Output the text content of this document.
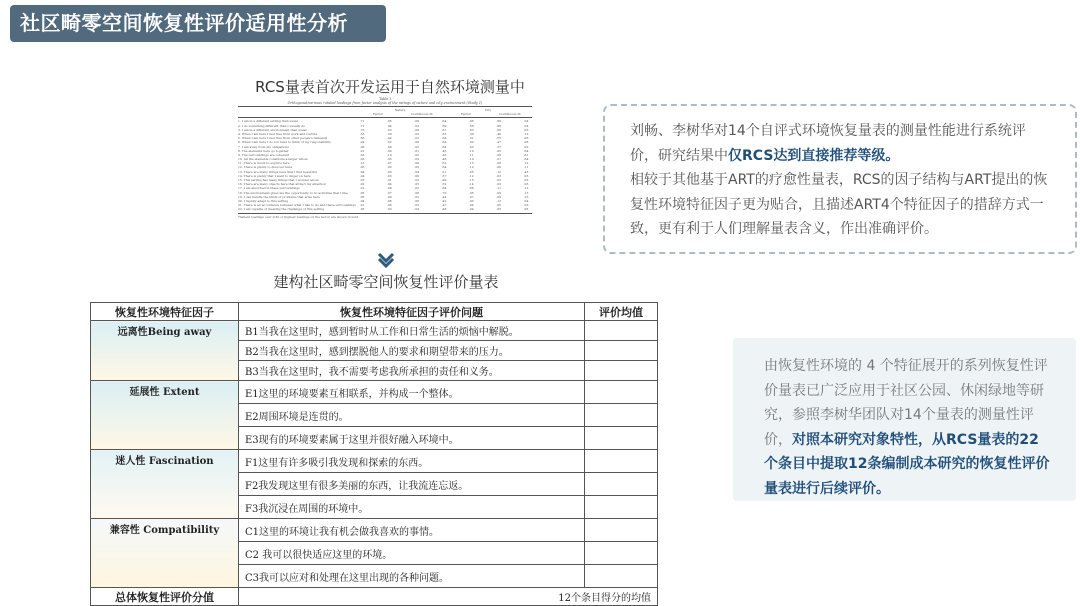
社区畸零空间恢复性评价适用性分析
RCS量表首次开发运用于自然环境测量中
Table I
Orthogonal/varimax rotated loadings from factor analysis of the ratings of nature and city environment (Study 1)
Nature	City
Factor	Continuous fit	Factor	Continuous fit
1. I am in a different setting than usual	.71	.05	.09	.64	.66	.69	.04
2. I do something different than I usually do	.71	.04	.03	.69	.56	.66	.04
3. I am in a different environment than usual	.75	.03	.09	.67	.63	.68	.03
4. When I am here I feel free from work and routine	.53	.39	.03	.55	.39	.46	.12
5. When I am here I feel free from other people's demands	.56	.42	.02	.64	.51	.55	.06
6. When I am here I do not need to think of my responsibility	.04	.62	.06	.64	.02	.47	.08
7. I am away from my obligations	.06	.60	.05	.64	.03	.57	.02
8. The elements here go together	.01	.08	.61	.45	.10	.05	.64
9. The surroundings are coherent	.03	.10	.62	.45	.11	.09	.61
10. All the elements constitute a larger whole	.03	.05	.62	.46	.10	.07	.64
11. There is much to explore here	.13	.07	.09	.52	.15	.08	.12
12. There is plenty to discover here	.05	.02	.05	.64	.12	.06	.11
13. There are many things here that I find beautiful	.04	.03	.04	.51	.05	.12	.43
14. There is plenty that I want to linger on here	.04	.03	.06	.37	.12	.03	.03
15. This setting has many things that I wonder about	.03	.01	.02	.49	.15	.03	.05
16. There are many objects here that attract my attention	.02	.04	.05	.52	.14	.03	.03
17. I am absorbed in these surroundings	.01	.08	.02	.64	.08	.11	.12
18. The environment gives me the opportunity to do activities that I like	.05	.07	.08	.70	.05	.09	.13
19. I can handle the kinds of problems that arise here	.05	.09	.02	.44	.07	.09	.15
20. I rapidly adapt to this setting	.04	.06	.06	.42	.03	.12	.04
21. There is an accordance between what I like to do and these surroundings	.01	.06	.03	.47	.04	.05	.03
22. I am capable of meeting the challenge of this setting	.05	.03	.04	.48	.04	.05	.05
*Salient loadings over 0.30 or highest loadings on the factor are shown in bold.
建构社区畸零空间恢复性评价量表
恢复性环境特征因子	恢复性环境特征因子评价问题	评价均值
远离性Being away	B1当我在这里时，感到暂时从工作和日常生活的烦恼中解脱。	
	B2当我在这里时，感到摆脱他人的要求和期望带来的压力。	
	B3当我在这里时，我不需要考虑我所承担的责任和义务。	
延展性 Extent	E1这里的环境要素互相联系，并构成一个整体。	
	E2周围环境是连贯的。	
	E3现有的环境要素属于这里并很好融入环境中。	
迷人性 Fascination	F1这里有许多吸引我发现和探索的东西。	
	F2我发现这里有很多美丽的东西，让我流连忘返。	
	F3我沉浸在周围的环境中。	
兼容性 Compatibility	C1这里的环境让我有机会做我喜欢的事情。	
	C2 我可以很快适应这里的环境。	
	C3我可以应对和处理在这里出现的各种问题。	
总体恢复性评价分值	12个条目得分的均值	
刘畅、李树华对14个自评式环境恢复量表的测量性能进行系统评价，研究结果中仅RCS达到直接推荐等级。
相较于其他基于ART的疗愈性量表，RCS的因子结构与ART提出的恢复性环境特征因子更为贴合，且描述ART4个特征因子的措辞方式一致，更有利于人们理解量表含义，作出准确评价。
由恢复性环境的 4 个特征展开的系列恢复性评价量表已广泛应用于社区公园、休闲绿地等研究，参照李树华团队对14个量表的测量性评价，对照本研究对象特性，从RCS量表的22个条目中提取12条编制成本研究的恢复性评价量表进行后续评价。
